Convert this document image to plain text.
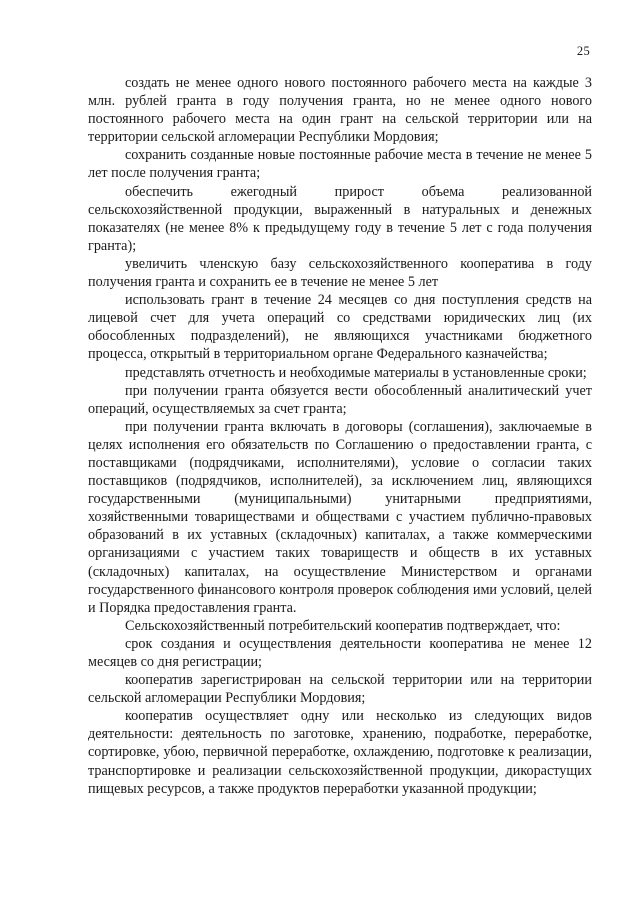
25

создать не менее одного нового постоянного рабочего места на каждые 3 млн. рублей гранта в году получения гранта, но не менее одного нового постоянного рабочего места на один грант на сельской территории или на территории сельской агломерации Республики Мордовия;

сохранить созданные новые постоянные рабочие места в течение не менее 5 лет после получения гранта;

обеспечить ежегодный прирост объема реализованной сельскохозяйственной продукции, выраженный в натуральных и денежных показателях (не менее 8% к предыдущему году в течение 5 лет с года получения гранта);

увеличить членскую базу сельскохозяйственного кооператива в году получения гранта и сохранить ее в течение не менее 5 лет

использовать грант в течение 24 месяцев со дня поступления средств на лицевой счет для учета операций со средствами юридических лиц (их обособленных подразделений), не являющихся участниками бюджетного процесса, открытый в территориальном органе Федерального казначейства;

представлять отчетность и необходимые материалы в установленные сроки;

при получении гранта обязуется вести обособленный аналитический учет операций, осуществляемых за счет гранта;

при получении гранта включать в договоры (соглашения), заключаемые в целях исполнения его обязательств по Соглашению о предоставлении гранта, с поставщиками (подрядчиками, исполнителями), условие о согласии таких поставщиков (подрядчиков, исполнителей), за исключением лиц, являющихся государственными (муниципальными) унитарными предприятиями, хозяйственными товариществами и обществами с участием публично-правовых образований в их уставных (складочных) капиталах, а также коммерческими организациями с участием таких товариществ и обществ в их уставных (складочных) капиталах, на осуществление Министерством и органами государственного финансового контроля проверок соблюдения ими условий, целей и Порядка предоставления гранта.

Сельскохозяйственный потребительский кооператив подтверждает, что:

срок создания и осуществления деятельности кооператива не менее 12 месяцев со дня регистрации;

кооператив зарегистрирован на сельской территории или на территории сельской агломерации Республики Мордовия;

кооператив осуществляет одну или несколько из следующих видов деятельности: деятельность по заготовке, хранению, подработке, переработке, сортировке, убою, первичной переработке, охлаждению, подготовке к реализации, транспортировке и реализации сельскохозяйственной продукции, дикорастущих пищевых ресурсов, а также продуктов переработки указанной продукции;
